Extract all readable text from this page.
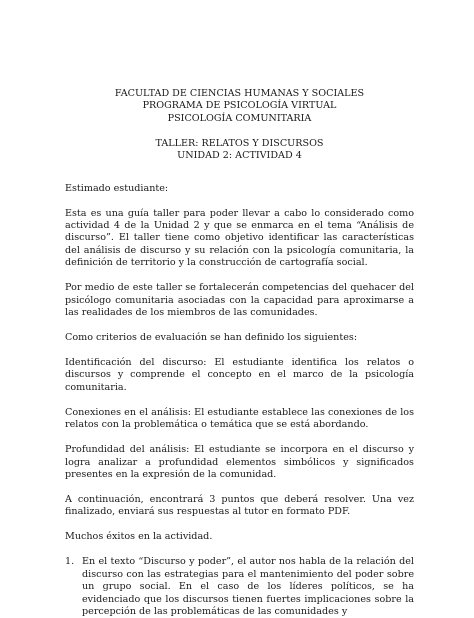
FACULTAD DE CIENCIAS HUMANAS Y SOCIALES
PROGRAMA DE PSICOLOGÍA VIRTUAL
PSICOLOGÍA COMUNITARIA
TALLER: RELATOS Y DISCURSOS
UNIDAD 2: ACTIVIDAD 4

Estimado estudiante:

Esta es una guía taller para poder llevar a cabo lo considerado como actividad 4 de la Unidad 2 y que se enmarca en el tema “Análisis de discurso”. El taller tiene como objetivo identificar las características del análisis de discurso y su relación con la psicología comunitaria, la definición de territorio y la construcción de cartografía social.

Por medio de este taller se fortalecerán competencias del quehacer del psicólogo comunitaria asociadas con la capacidad para aproximarse a las realidades de los miembros de las comunidades.

Como criterios de evaluación se han definido los siguientes:

Identificación del discurso: El estudiante identifica los relatos o discursos y comprende el concepto en el marco de la psicología comunitaria.

Conexiones en el análisis: El estudiante establece las conexiones de los relatos con la problemática o temática que se está abordando.

Profundidad del análisis: El estudiante se incorpora en el discurso y logra analizar a profundidad elementos simbólicos y significados presentes en la expresión de la comunidad.

A continuación, encontrará 3 puntos que deberá resolver. Una vez finalizado, enviará sus respuestas al tutor en formato PDF.

Muchos éxitos en la actividad.

1. En el texto “Discurso y poder”, el autor nos habla de la relación del discurso con las estrategias para el mantenimiento del poder sobre un grupo social. En el caso de los líderes políticos, se ha evidenciado que los discursos tienen fuertes implicaciones sobre la percepción de las problemáticas de las comunidades y
